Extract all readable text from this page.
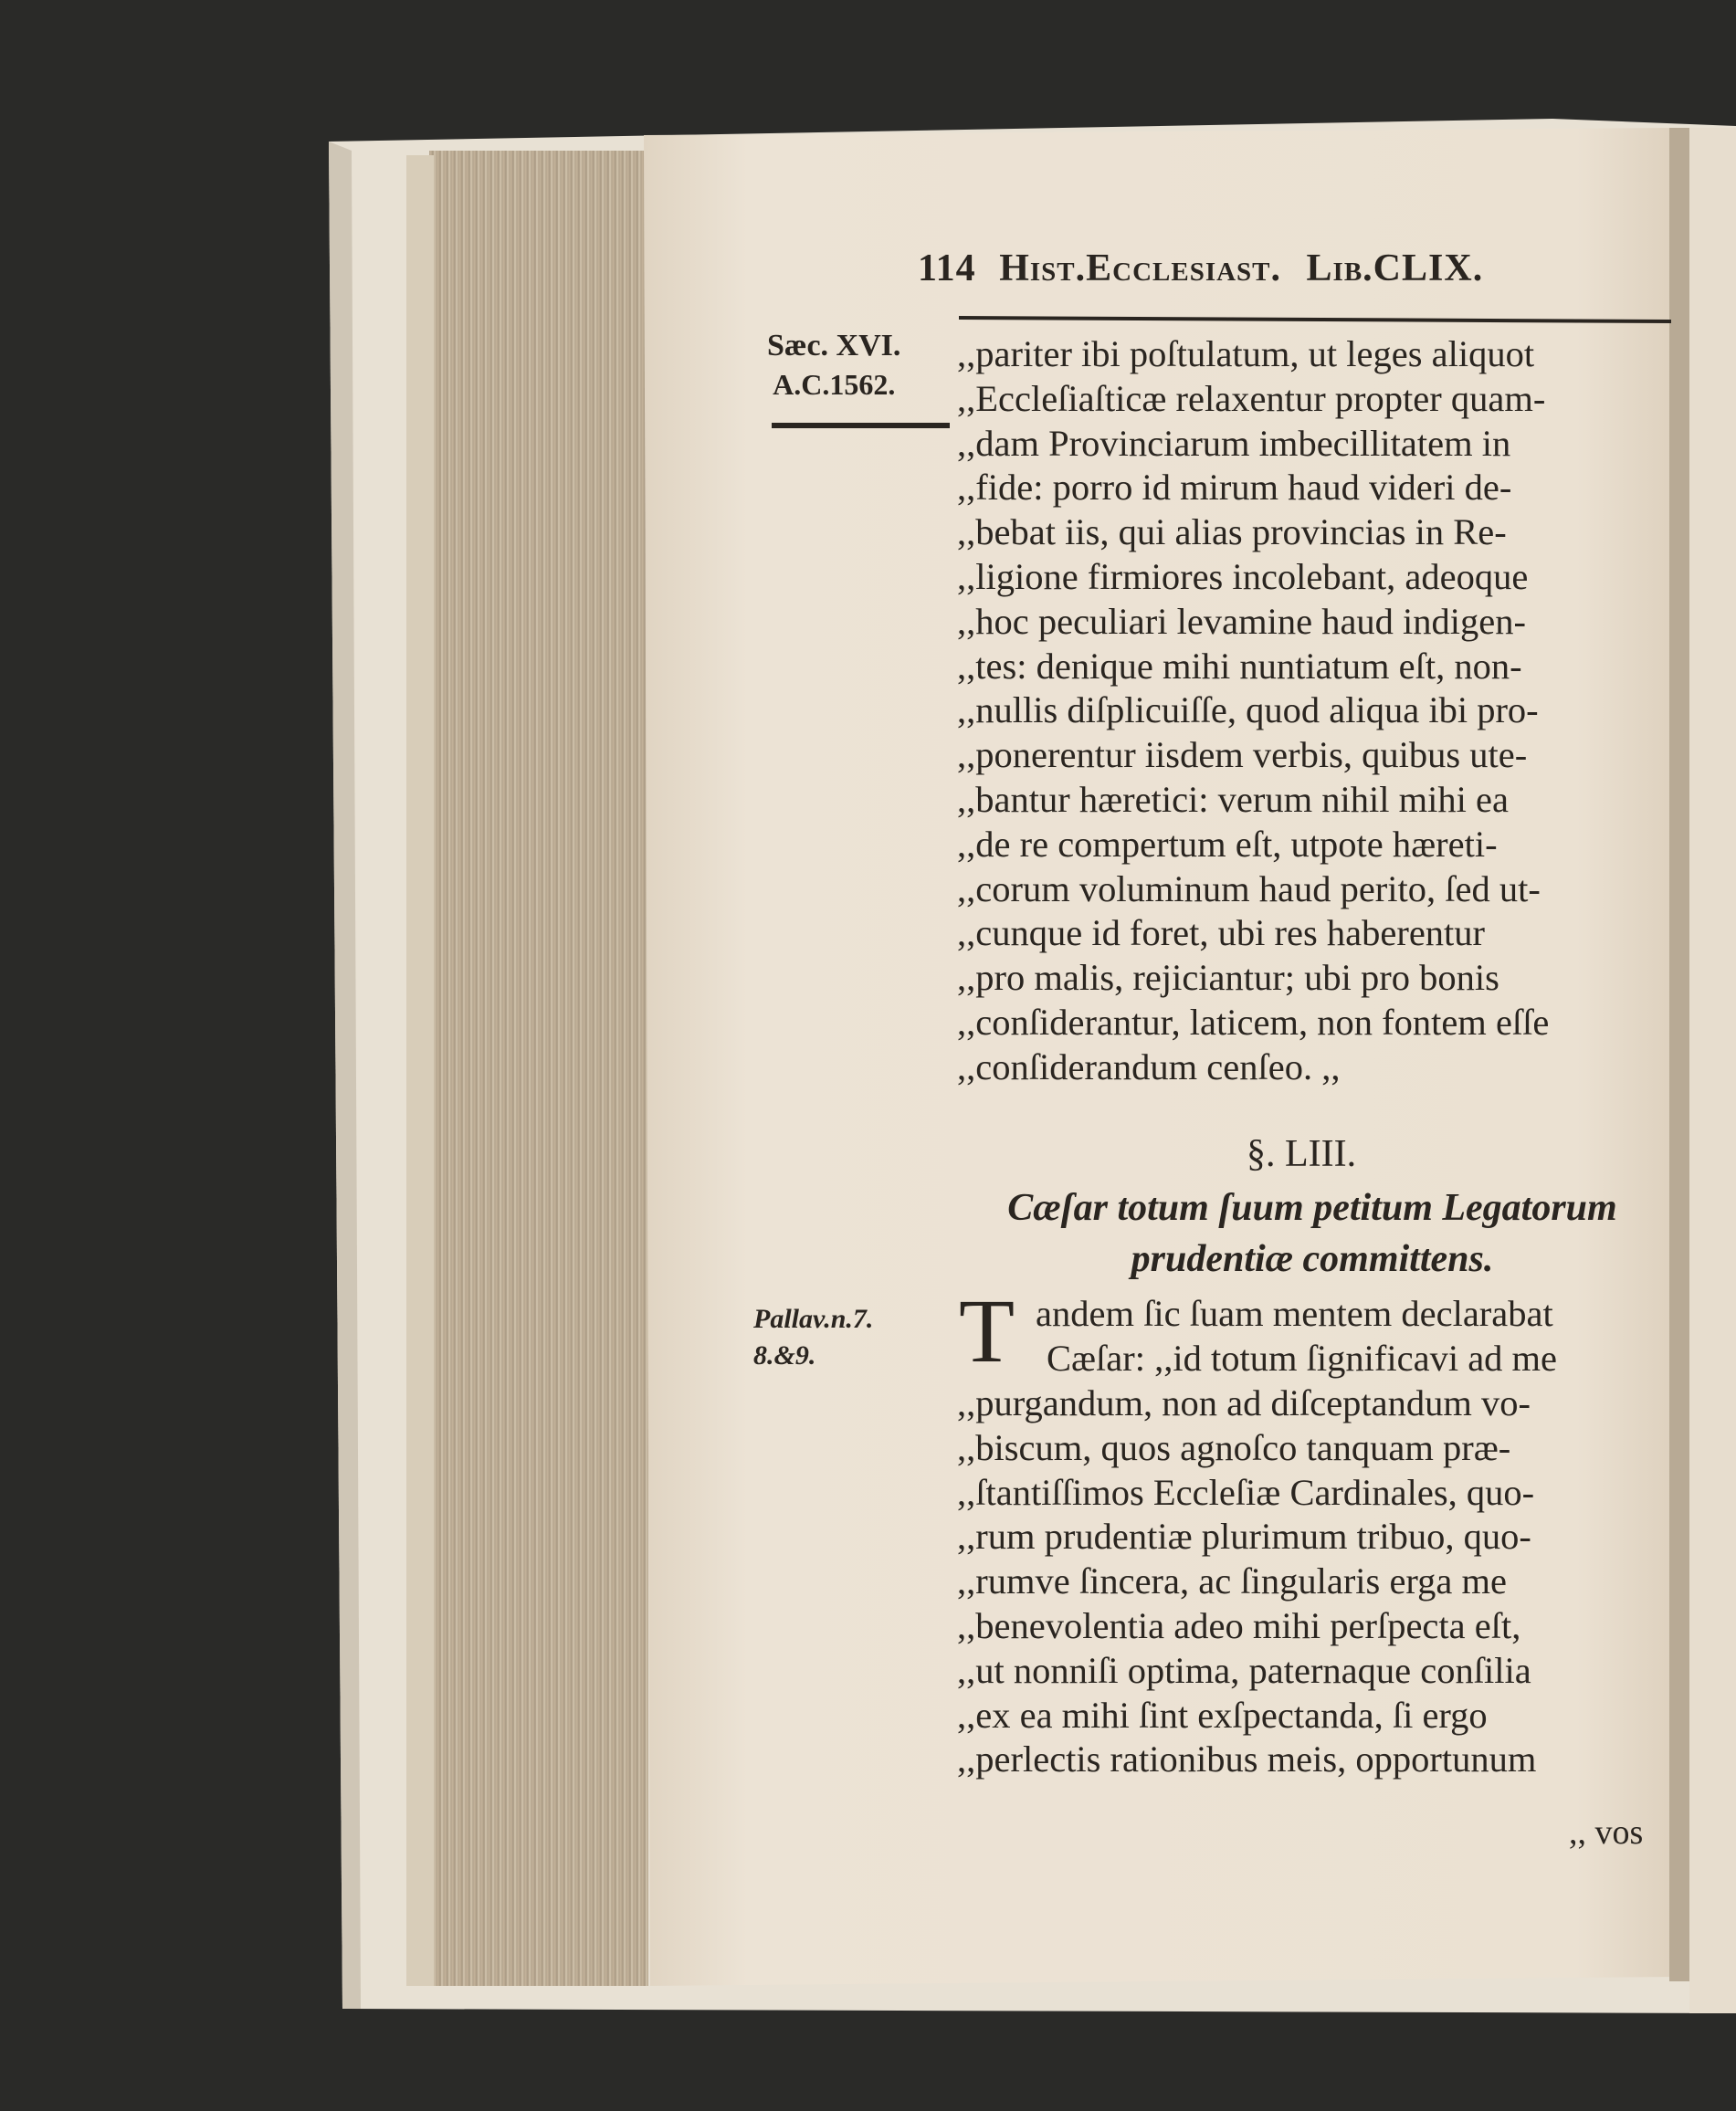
114 Hist.Ecclesiast. Lib.CLIX.
Sæc. XVI.
A.C.1562.
,,pariter ibi poſtulatum, ut leges aliquot
,,Eccleſiaſticæ relaxentur propter quam-
,,dam Provinciarum imbecillitatem in
,,fide: porro id mirum haud videri de-
,,bebat iis, qui alias provincias in Re-
,,ligione firmiores incolebant, adeoque
,,hoc peculiari levamine haud indigen-
,,tes: denique mihi nuntiatum eſt, non-
,,nullis diſplicuiſſe, quod aliqua ibi pro-
,,ponerentur iisdem verbis, quibus ute-
,,bantur hæretici: verum nihil mihi ea
,,de re compertum eſt, utpote hæreti-
,,corum voluminum haud perito, ſed ut-
,,cunque id foret, ubi res haberentur
,,pro malis, rejiciantur; ubi pro bonis
,,conſiderantur, laticem, non fontem eſſe
,,conſiderandum cenſeo. ,,
§. LIII.
Cæſar totum ſuum petitum Legatorum
prudentiæ committens.
Pallav.n.7.
8.&9.	T andem ſic ſuam mentem declarabat
Cæſar: ,,id totum ſignificavi ad me
,,purgandum, non ad diſceptandum vo-
,,biscum, quos agnoſco tanquam præ-
,,ſtantiſſimos Eccleſiæ Cardinales, quo-
,,rum prudentiæ plurimum tribuo, quo-
,,rumve ſincera, ac ſingularis erga me
,,benevolentia adeo mihi perſpecta eſt,
,,ut nonniſi optima, paternaque conſilia
,,ex ea mihi ſint exſpectanda, ſi ergo
,,perlectis rationibus meis, opportunum
,, vos
